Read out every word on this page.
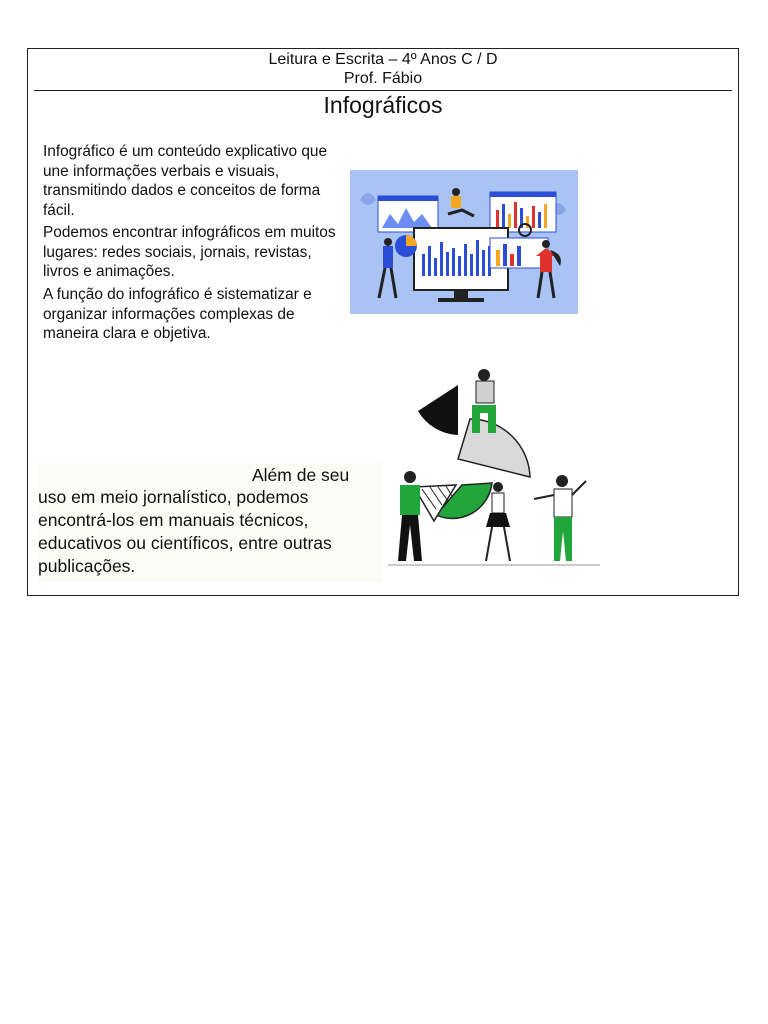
Leitura e Escrita – 4º Anos C / D
Prof. Fábio
Infográficos
Infográfico é um conteúdo explicativo que une informações verbais e visuais, transmitindo dados e conceitos de forma fácil.
Podemos encontrar infográficos em muitos lugares: redes sociais, jornais, revistas, livros e animações.
A função do infográfico é sistematizar e organizar informações complexas de maneira clara e objetiva.
Além de seu
uso em meio jornalístico, podemos
encontrá-los em manuais técnicos,
educativos ou científicos, entre outras
publicações.
